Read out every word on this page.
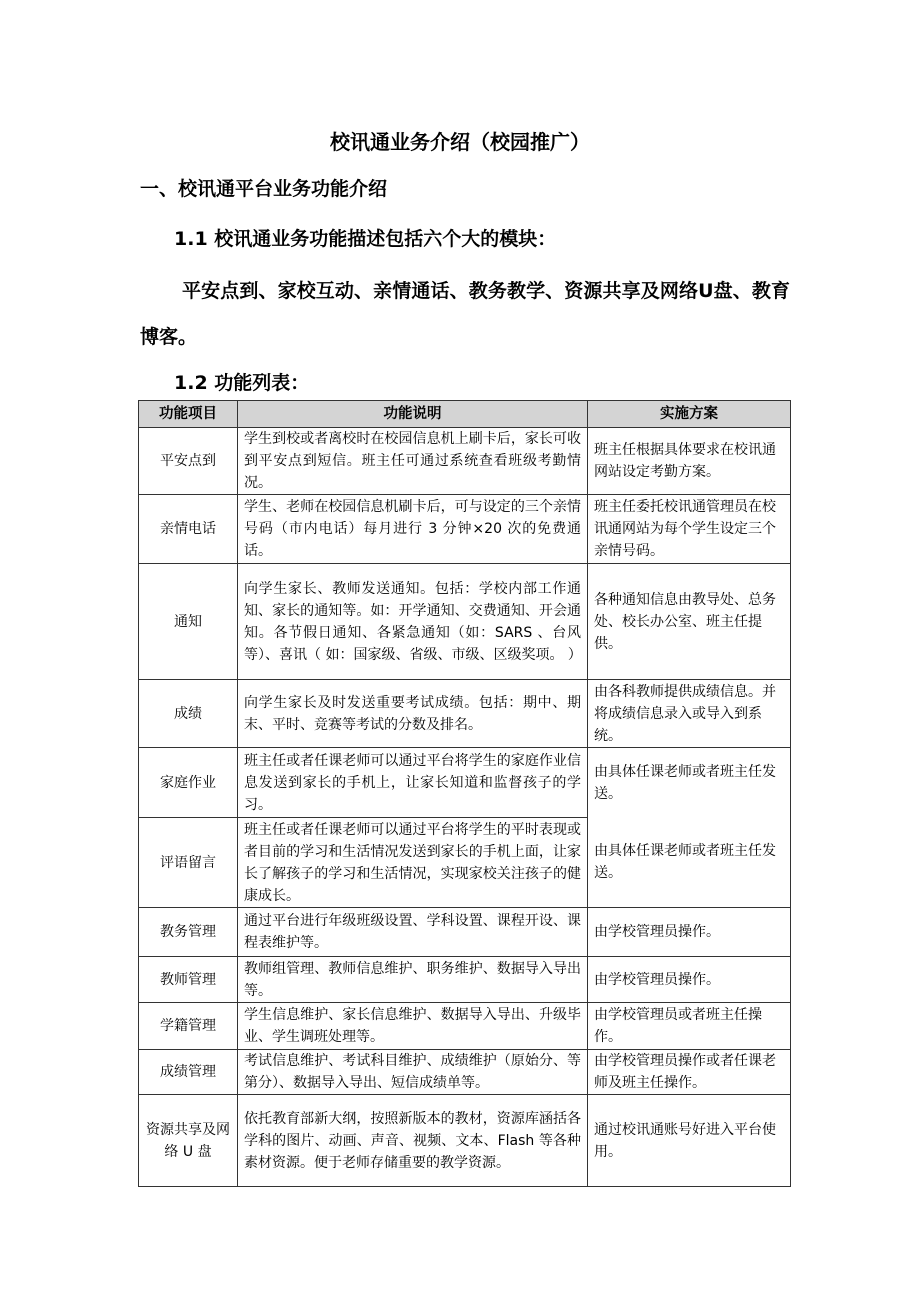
校讯通业务介绍（校园推广）
一、校讯通平台业务功能介绍
1.1 校讯通业务功能描述包括六个大的模块：
平安点到、家校互动、亲情通话、教务教学、资源共享及网络U盘、教育博客。
1.2 功能列表：
功能项目	功能说明	实施方案
平安点到	学生到校或者离校时在校园信息机上刷卡后，家长可收到平安点到短信。班主任可通过系统查看班级考勤情况。	班主任根据具体要求在校讯通网站设定考勤方案。
亲情电话	学生、老师在校园信息机刷卡后，可与设定的三个亲情号码（市内电话）每月进行 3 分钟×20 次的免费通话。	班主任委托校讯通管理员在校讯通网站为每个学生设定三个亲情号码。
通知	向学生家长、教师发送通知。包括：学校内部工作通知、家长的通知等。如：开学通知、交费通知、开会通知。各节假日通知、各紧急通知（如：SARS 、台风等）、喜讯（ 如：国家级、省级、市级、区级奖项。 ）	各种通知信息由教导处、总务处、校长办公室、班主任提供。
成绩	向学生家长及时发送重要考试成绩。包括：期中、期末、平时、竞赛等考试的分数及排名。	由各科教师提供成绩信息。并将成绩信息录入或导入到系统。
家庭作业	班主任或者任课老师可以通过平台将学生的家庭作业信息发送到家长的手机上，让家长知道和监督孩子的学习。	由具体任课老师或者班主任发送。
评语留言	班主任或者任课老师可以通过平台将学生的平时表现或者目前的学习和生活情况发送到家长的手机上面，让家长了解孩子的学习和生活情况，实现家校关注孩子的健康成长。	由具体任课老师或者班主任发送。
教务管理	通过平台进行年级班级设置、学科设置、课程开设、课程表维护等。	由学校管理员操作。
教师管理	教师组管理、教师信息维护、职务维护、数据导入导出等。	由学校管理员操作。
学籍管理	学生信息维护、家长信息维护、数据导入导出、升级毕业、学生调班处理等。	由学校管理员或者班主任操作。
成绩管理	考试信息维护、考试科目维护、成绩维护（原始分、等第分）、数据导入导出、短信成绩单等。	由学校管理员操作或者任课老师及班主任操作。
资源共享及网络 U 盘	依托教育部新大纲，按照新版本的教材，资源库涵括各学科的图片、动画、声音、视频、文本、Flash 等各种素材资源。便于老师存储重要的教学资源。	通过校讯通账号好进入平台使用。
